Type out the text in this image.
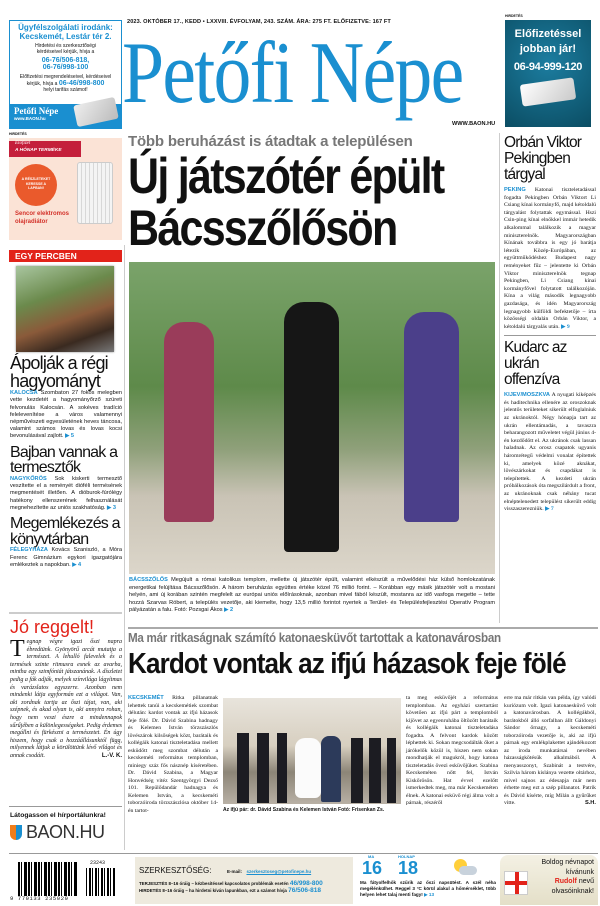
2023. OKTÓBER 17., KEDD • LXXVIII. ÉVFOLYAM, 243. SZÁM. ÁRA: 275 FT. ELŐFIZETVE: 167 FT
Petőfi Népe
WWW.BAON.HU
Ügyfélszolgálati irodánk:
Kecskemét, Lestár tér 2.
Hirdetési és szerkesztőségi
kérdéseivel kérjük, hívja a
06-76/506-818,
06-76/998-100
Előfizetési megrendeléseivel, kérdéseivel
kérjük, hívja a 06-46/998-800
helyi tarifás számot!
Petőfi Népe
www.BAON.hu
HIRDETÉS
Előfizetéssel
jobban jár!
06-94-999-120
HIRDETÉS
Előfizet
A HÓNAP TERMÉKE
A RÉSZLETEKET KERESSE A LAPBAN!
Sencor elektromos olajradiátor
EGY PERCBEN
Ápolják a régi hagyományt
KALOCSA Szombaton 27 fokos melegben vette kezdetét a hagyományőrző szüreti felvonulás Kalocsán. A sokéves tradíció felelevenítése a város valamennyi népművészeti egyesületének heves táncosa, valamint számos lovas és lovas kocsi bevonulásával zajlott. ▶ 5
Bajban vannak a termesztők
NAGYKŐRÖS Sok kiskerti termesztő veszítette el a reményét dióféli termésének megmentését illetően. A dióburok-fúrólégy hatékony ellenszerének felhasználását megnehezítette az uniós szakhatóság. ▶ 3
Megemlékezés a könyvtárban
FÉLEGYHÁZA Kovács Szaniszló, a Móra Ferenc Gimnázium egykori igazgatójára emlékeztek a napokban. ▶ 4
Jó reggelt!
Tegnap végre igazi őszi napra ébredtünk. Gyönyörű arcát mutatja a természet. A lehulló falevelek és a termések szinte ritmusra esnek az avarba, mintha egy szimfóniát játszanának. A díszletet pedig a fák adják, melyek színvilága lágyítmas és varázslatos egyszerre. Azonban nem mindenki látja egyformán ezt a világot. Van, aki zordnak tartja az őszi tájat, van, aki szépnek, és akad olyan is, aki annyira rohan, hogy nem veszi észre a mindennapok sűrűjében a különlegességeket. Pedig érdemes megállni és fürkészni a természetet. Én úgy hiszem, hogy csak a hozzáállásunktól függ, milyennek látjuk a körülöttünk lévő világot és annak csodáit.	L.-V. K.
Látogasson el hírportálunkra!
BAON.HU
Több beruházást is átadtak a településen
Új játszótér épült
Bácsszőlősön
BÁCSSZŐLŐS Megújult a római katolikus templom, mellette új játszótér épült, valamint elkészült a művelődési ház külső homlokzatának energetikai felújítása Bácsszőlősön. A három beruházás együttes értéke közel 76 millió forint. – Korábban egy másik játszótér volt a mostani helyén, ami új korában szintén megfelelt az európai uniós előírásoknak, azonban mivel fából készült, mostanra az idő vasfoga megette – tette hozzá Szarvas Róbert, a település vezetője, aki kiemelte, hogy 13,5 millió forintot nyertek a Terület- és Településfejlesztési Operatív Program pályázatán a falu. Fotó: Pozsgai Ákos ▶ 2
Orbán Viktor Pekingben tárgyal
PEKING Katonai tiszteletadással fogadta Pekingben Orbán Viktort Li Csiang kínai kormányfő, majd kétoldalú tárgyalást folytattak egymással. Hszi Csin-ping kínai elnökkel immár hetedik alkalommal találkozik a magyar miniszterelnök. Magyarországban Kínának továbbra is egy jó barátja létezik Közép-Európában, az együttműködéshez Budapest nagy reményeket fűz – jelentette ki Orbán Viktor miniszterelnök tegnap Pekingben, Li Csiang kínai kormányfővel folytatott találkozóján. Kína a világ második legnagyobb gazdasága, és idén Magyarország legnagyobb külföldi befektetője – írta közösségi oldalán Orbán Viktor, a kétoldalú tárgyalás után. ▶ 9
Kudarc az ukrán offenzíva
KIJEV/MOSZKVA A nyugati kiképzés és haditechnika ellenére az oroszoknak jelentős területeket sikerült elfoglalniuk az ukránoktól. Négy hónapja tart az ukrán ellentámadás, a tavaszra beharangozott műveletet végül június 4-én kezdődött el. Az ukránok csak lassan haladnak. Az orosz csapatok ugyanis háromrétegű védelmi vonalat építettek ki, amelyek közé aknákat, lövészárkokat és csapdákat is telepítettek. A kezdeti ukrán próbálkozások óta megszilárdult a front, az ukránoknak csak néhány tucat elnéptelenedett települést sikerült eddig visszaszerezniük. ▶ 7
Ma már ritkaságnak számító katonaesküvőt tartottak a katonavárosban
Kardot vontak az ifjú házasok feje fölé
KECSKEMÉT Ritka pillanatnak lehettek tanúi a kecskemétiek szombat délután: kardot vontak az ifjú házasok feje fölé. Dr. Dávid Szabina hadnagy és Kelemen István törzszászlós lövészárok kilsőségek közt, barátaik és kollégáik katonai tiszteletadása mellett esküdött meg szombat délután a kecskeméti református templomban, miniegy száz fős násznép kíséretében. Dr. Dávid Szabina, a Magyar Honvédség vitéz Szentgyörgyi Dezső 101. Repülődandár hadnagya és Kelemen István, a kecskeméti toborzóiroda törzszászlósa október 14-én tartot-	Az ifjú pár: dr. Dávid Szabina és Kelemen István Fotó: Frisenkan Zs.
ta meg esküvőjét a református templomban. Az egyházi szertartást követően az ifjú párt a templomból kijövet az egyenruhába öltözött barátaik és kollégáik katonai tiszteletadása fogadta. A felvont kardok között léphettek ki. Sokan megcsodálták őket a járókelők közül is, hiszen nem sokan mondhatják el magukról, hogy katona tiszteletadás övezi esküvőjüket. Szabina Kecskeméten nőtt fel, István Kiskőrösön. Hat évvel ezelőtt ismerkedtek meg, ma már Kecskeméten élnek. A katonai esküvő régi álma volt a párnak, részéről
erre ma már ritkán van példa, így valódi kuriózum volt. Igazi katonaesküvő volt a katonavárosban. A kollégákból, barátokból álló sorfalban állt Gáldonyi Sándor őrnagy, a kecskeméti toborzóiroda vezetője is, aki az ifjú párnak egy emlékplakettet ajándékozott az iroda munkatársai nevében házasságkötésük alkalmából. A menyasszonyt, Szabinát a testvére, Szilvia három kislánya vezette oltárhoz, mivel sajnos az édesapja már nem érhette meg ezt a szép pillanatot. Patrik és Dávid kísérte, míg Milán a gyűrűket vitte.	S.H.
23243
9 770133 235020
SZERKESZTŐSÉG:	E-mail:
szerkesztoseg@petofinepe.hu
TERJESZTÉS 8–16 óráig – kézbesítéssel kapcsolatos problémák esetén 46/998-800
HIRDETÉS 8–16 óráig – ha hirdetni kíván lapunkban, ezt a számot hívja 76/506-818
MA
16
HOLNAP
18
Ma fátyolfelhők szűrik az őszi napsütést. A szél néha megélénkülhet. Reggel 3 °C körül alakul a hőmérséklet, több helyen lehet talaj menti fagy! ▶ 13
Boldog névnapot
kívánunk
Rudolf nevű
olvasóinknak!
